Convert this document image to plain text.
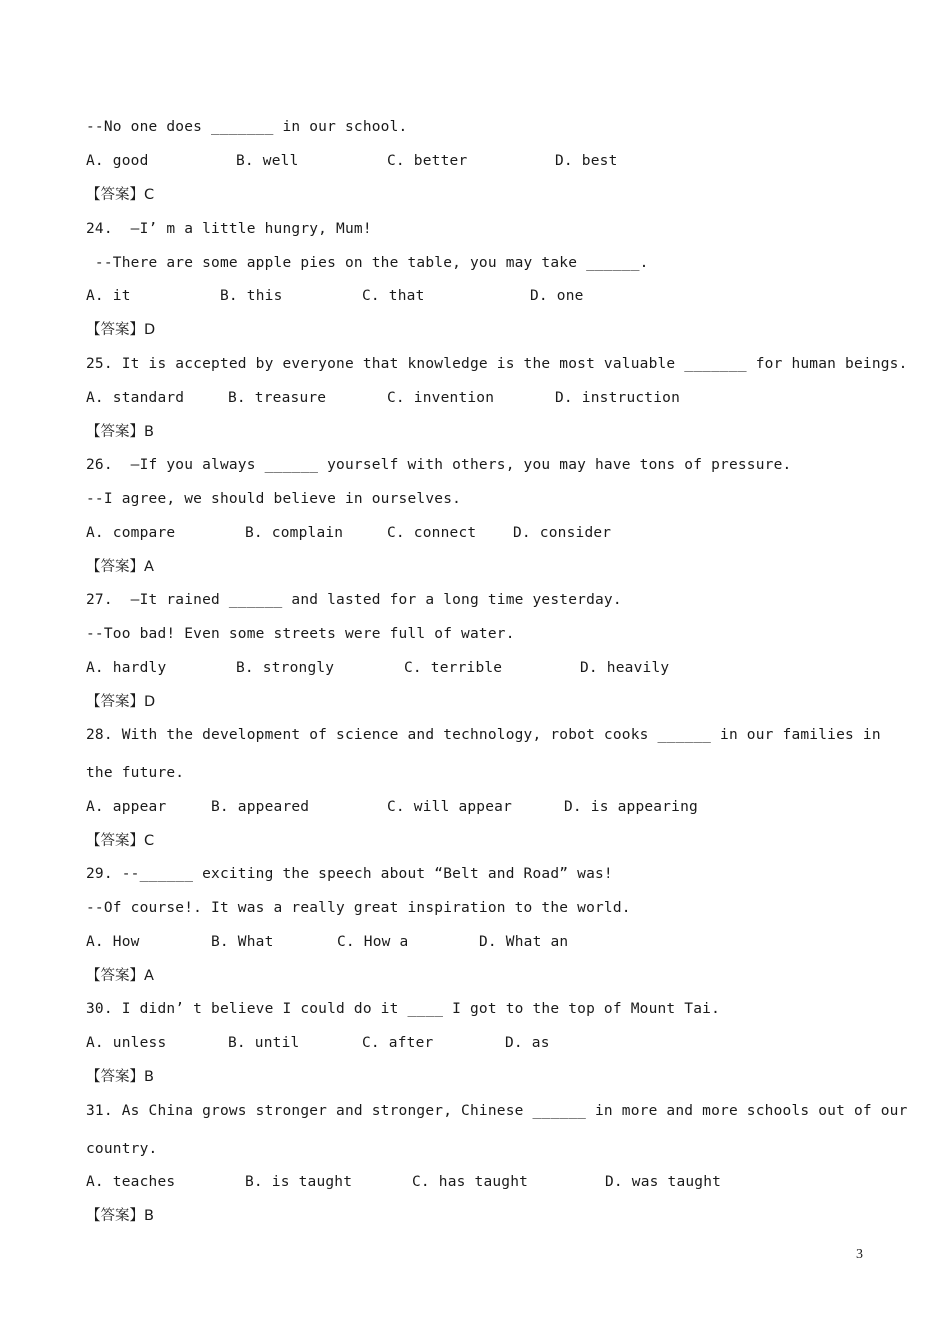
--No one does _______ in our school.
A. good	B. well	C. better	D. best
【答案】C
24.  –I’ m a little hungry, Mum!
--There are some apple pies on the table, you may take ______.
A. it	B. this	C. that	D. one
【答案】D
25. It is accepted by everyone that knowledge is the most valuable _______ for human beings.
A. standard	B. treasure	C. invention	D. instruction
【答案】B
26.  –If you always ______ yourself with others, you may have tons of pressure.
--I agree, we should believe in ourselves.
A. compare	B. complain	C. connect	D. consider
【答案】A
27.  –It rained ______ and lasted for a long time yesterday.
--Too bad! Even some streets were full of water.
A. hardly	B. strongly	C. terrible	D. heavily
【答案】D
28. With the development of science and technology, robot cooks ______ in our families in
the future.
A. appear	B. appeared	C. will appear	D. is appearing
【答案】C
29. --______ exciting the speech about “Belt and Road” was!
--Of course!. It was a really great inspiration to the world.
A. How	B. What	C. How a	D. What an
【答案】A
30. I didn’ t believe I could do it ____ I got to the top of Mount Tai.
A. unless	B. until	C. after	D. as
【答案】B
31. As China grows stronger and stronger, Chinese ______ in more and more schools out of our
country.
A. teaches	B. is taught	C. has taught	D. was taught
【答案】B
3
